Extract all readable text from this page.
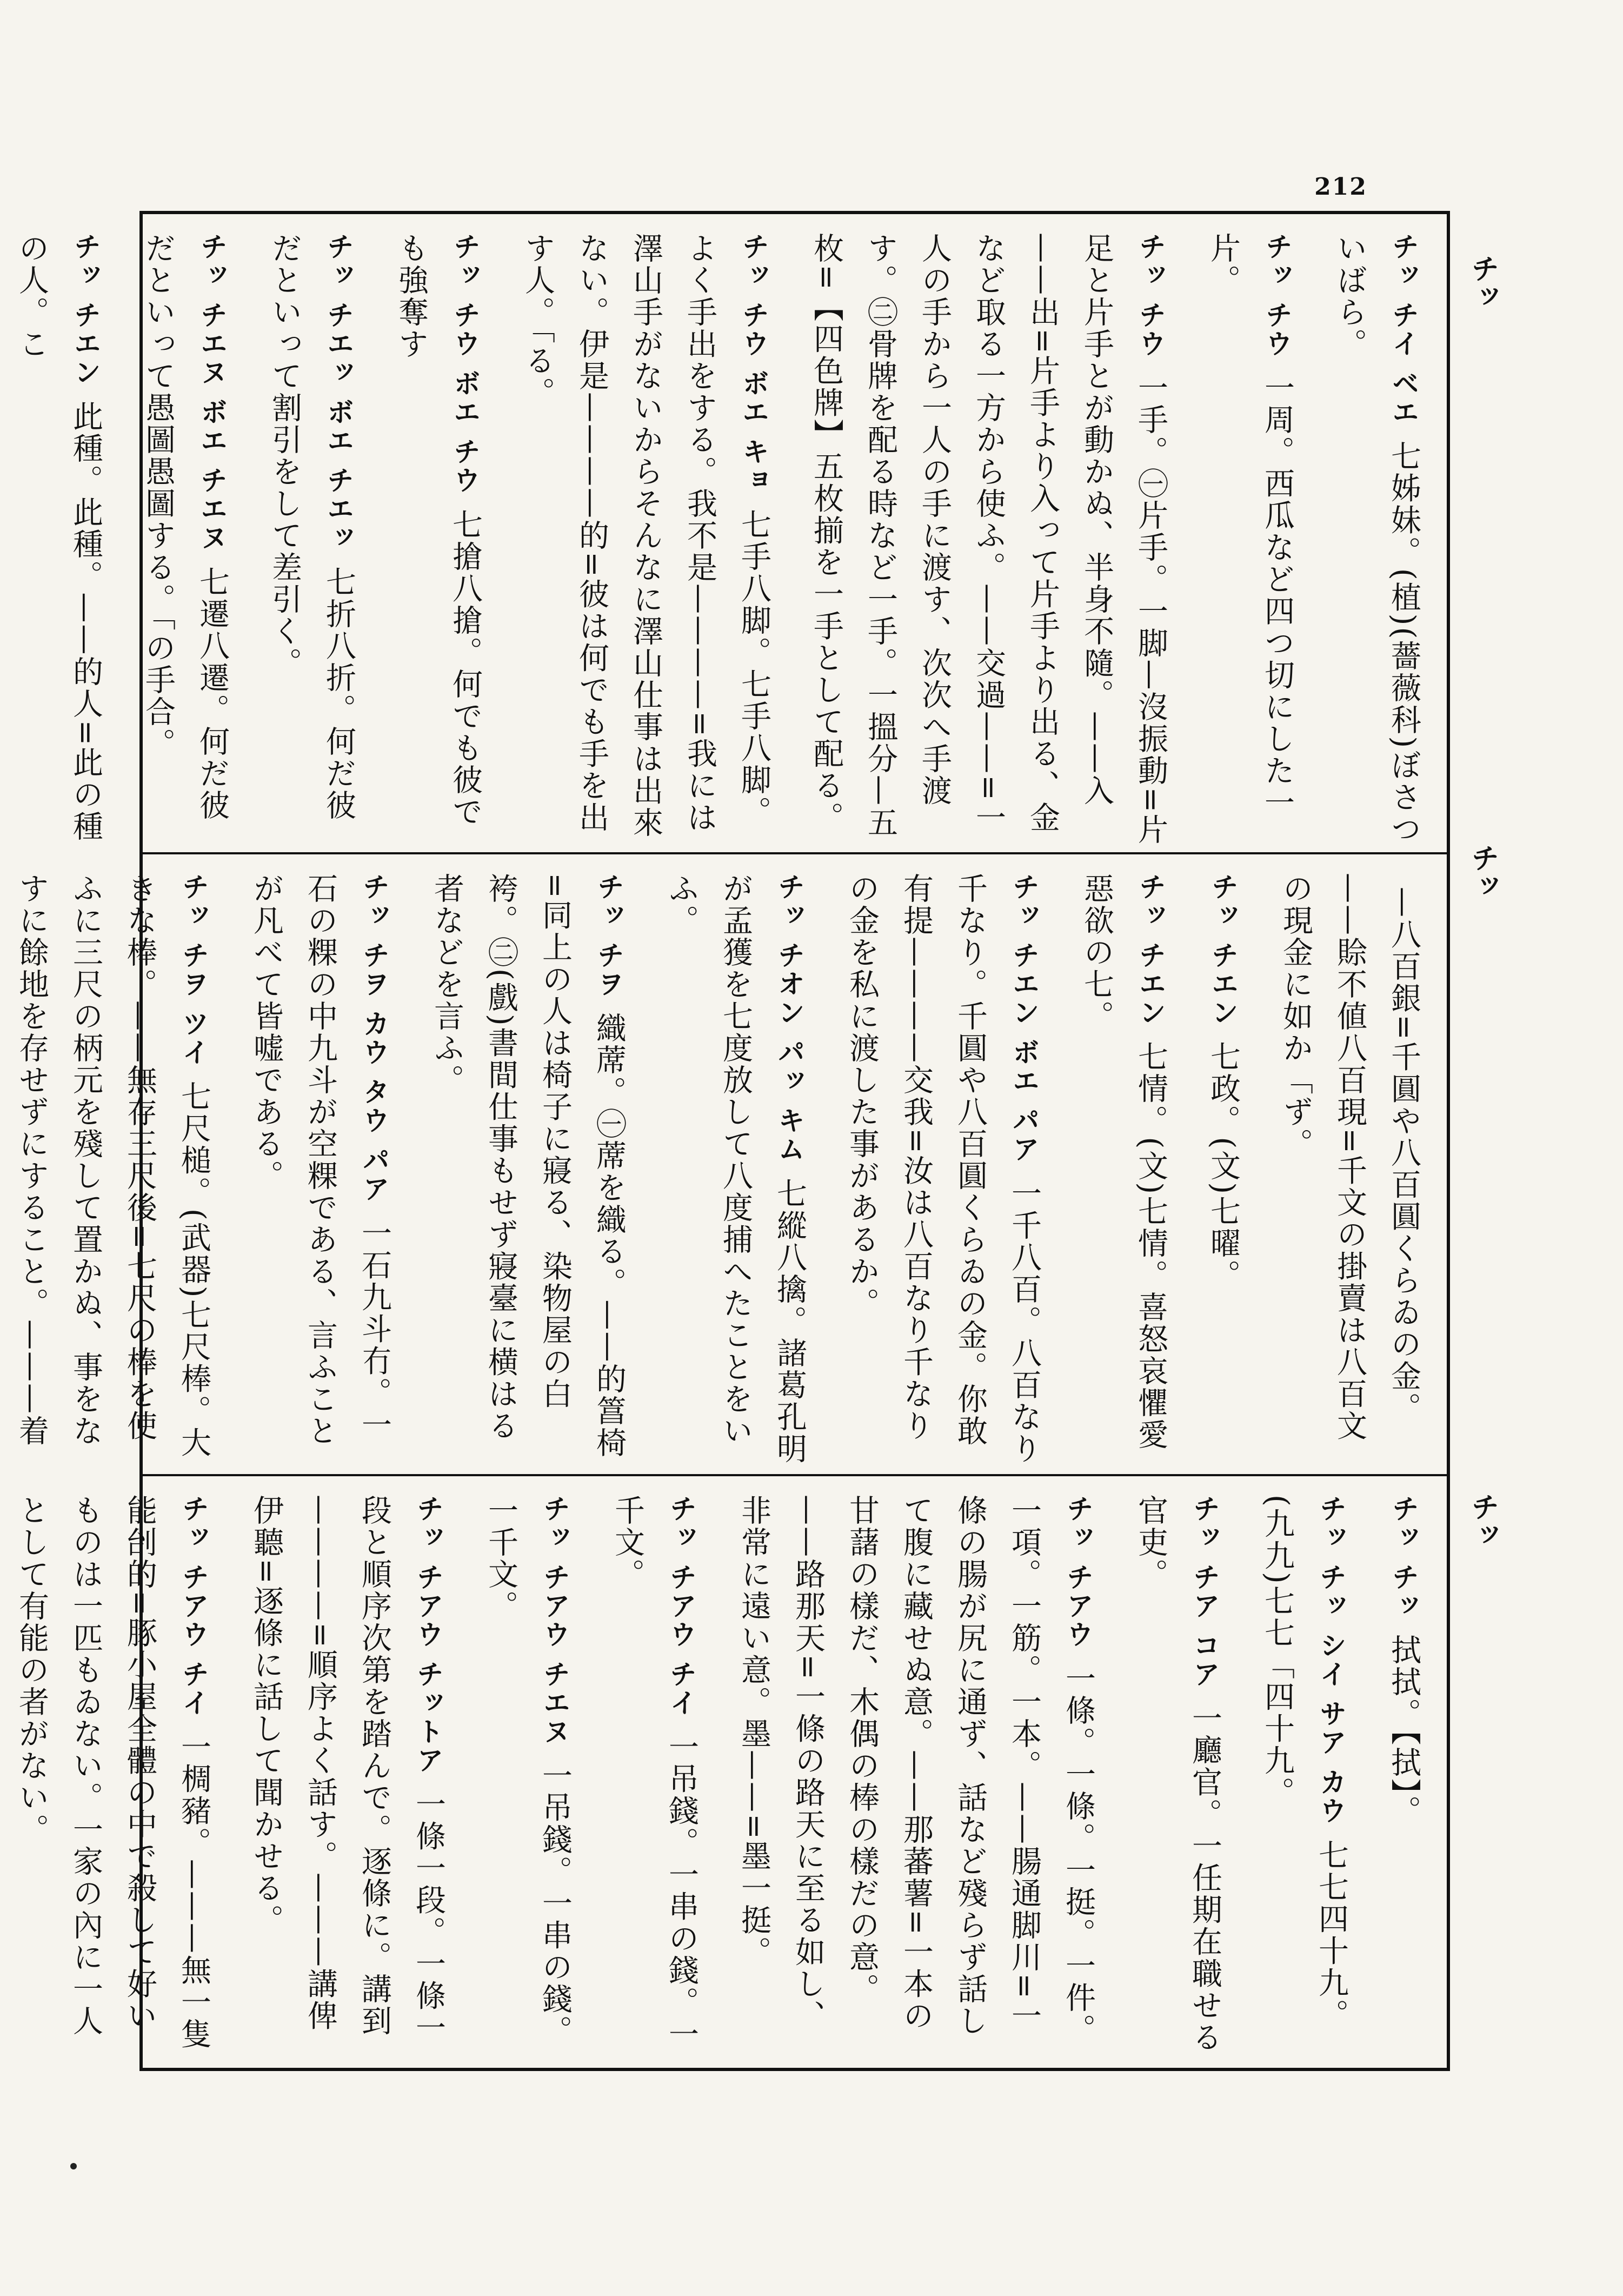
212
チッ
チッ
チッ
チッ チイ ベエ七姊妹。(植)(薔薇科)ぼさついばら。
チッ チウ一周。西瓜など四つ切にした一片。
チッ チウ一手。㊀片手。一脚—沒振動=片足と片手とが動かぬ、半身不隨。——入——出=片手より入って片手より出る、金など取る一方から使ふ。——交過——=一人の手から一人の手に渡す、次次へ手渡す。㊁骨牌を配る時など一手。一搵分—五枚=【四色牌】五枚揃を一手として配る。
チッ チウ ボエ キョ七手八脚。七手八脚。よく手出をする。我不是————=我には澤山手がないからそんなに澤山仕事は出來ない。伊是————的=彼は何でも手を出す人。「る。
チッ チウ ボエ チウ七搶八搶。何でも彼でも強奪す
チッ チエッ ボエ チエッ七折八折。何だ彼だといって割引をして差引く。
チッ チエヌ ボエ チエヌ七遷八遷。何だ彼だといって愚圖愚圖する。「の手合。
チッ チエン此種。此種。——的人=此の種の人。こ
—八百銀=千圓や八百圓くらゐの金。——賒不値八百現=千文の掛賣は八百文の現金に如か「ず。
チッ チエン七政。(文)七曜。
チッ チエン七情。(文)七情。喜怒哀懼愛惡欲の七。
チッ チエン ボエ パア一千八百。八百なり千なり。千圓や八百圓くらゐの金。你敢有提————交我=汝は八百なり千なりの金を私に渡した事があるか。
チッ チオン パッ キム七縱八擒。諸葛孔明が孟獲を七度放して八度捕へたことをいふ。
チッ チヲ織蓆。㊀蓆を織る。——的䈞椅=同上の人は椅子に寢る、染物屋の白袴。㊁(戲)書間仕事もせず寢臺に横はる者などを言ふ。
チッ チヲ カウ タウ パア一石九斗冇。一石の粿の中九斗が空粿である、言ふことが凡べて皆嘘である。
チッ チヲ ツイ七尺槌。(武器)七尺棒。大きな棒。——無存三尺後=七尺の棒を使ふに三尺の柄元を殘して置かぬ、事をなすに餘地を存せずにすること。———着
チッ チッ拭拭。【拭】。
チッ チッ シイ サア カウ七七四十九。(九九)七七「四十九。
チッ チア コア一廳官。一任期在職せる官吏。
チッ チアウ一條。一條。一挺。一件。一項。一筋。一本。——腸通脚川=一條の腸が尻に通ず、話など殘らず話して腹に藏せぬ意。——那蕃薯=一本の甘藷の樣だ、木偶の棒の樣だの意。——路那天=一條の路天に至る如し、非常に遠い意。墨——=墨一挺。
チッ チアウ チイ一吊錢。一串の錢。一千文。
チッ チアウ チエヌ一吊錢。一串の錢。一千文。
チッ チアウ チットア一條一段。一條一段と順序次第を踏んで。逐條に。講到————=順序よく話す。———講俾伊聽=逐條に話して聞かせる。
チッ チアウ チイ一椆豬。———無一隻能刣的=豚小屋全體の中で殺して好いものは一匹もゐない。一家の內に一人として有能の者がない。
